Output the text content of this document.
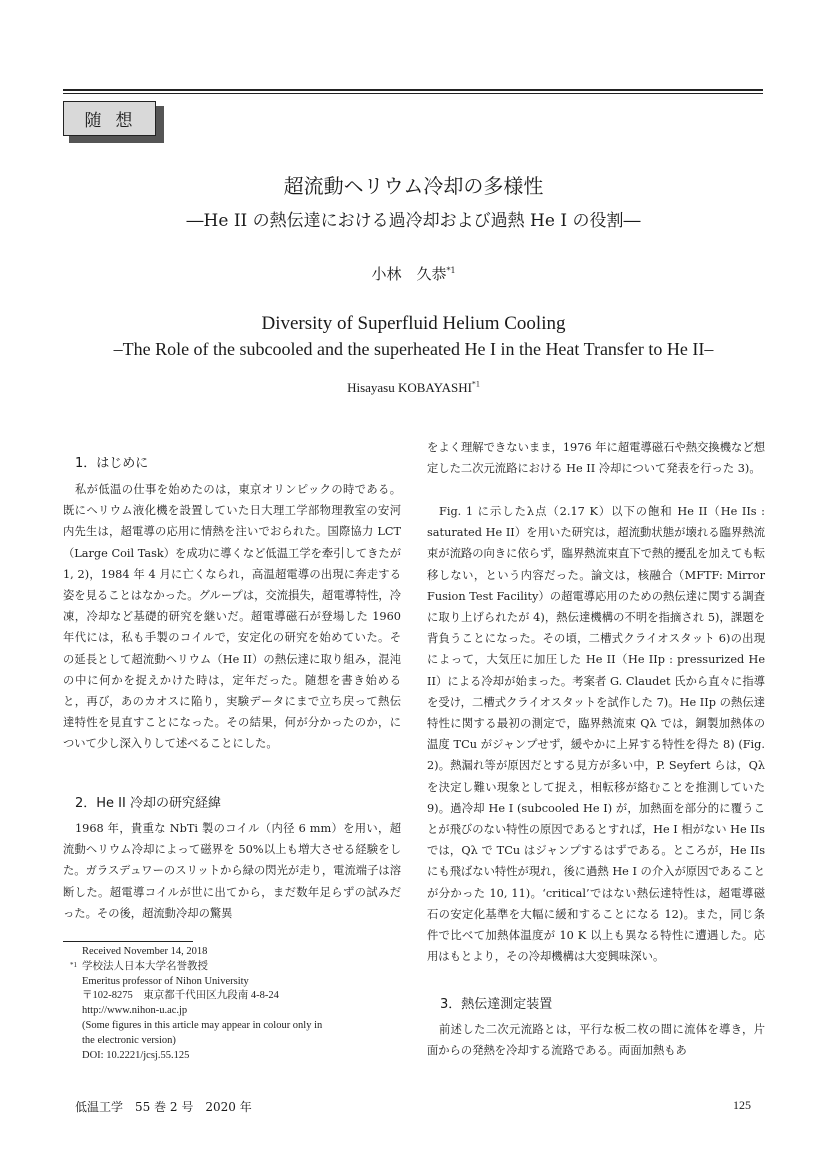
随想
超流動ヘリウム冷却の多様性
―He II の熱伝達における過冷却および過熱 He I の役割―
小林　久恭$^{*1}$
Diversity of Superfluid Helium Cooling
–The Role of the subcooled and the superheated He I in the Heat Transfer to He II–
Hisayasu KOBAYASHI$^{*1}$
1．はじめに
私が低温の仕事を始めたのは，東京オリンピックの時である。既にヘリウム液化機を設置していた日大理工学部物理教室の安河内先生は，超電導の応用に情熱を注いでおられた。国際協力 LCT（Large Coil Task）を成功に導くなど低温工学を牽引してきたが 1, 2)，1984 年 4 月に亡くなられ，高温超電導の出現に奔走する姿を見ることはなかった。グループは，交流損失，超電導特性，冷凍，冷却など基礎的研究を継いだ。超電導磁石が登場した 1960 年代には，私も手製のコイルで，安定化の研究を始めていた。その延長として超流動ヘリウム（He II）の熱伝達に取り組み，混沌の中に何かを捉えかけた時は，定年だった。随想を書き始めると，再び，あのカオスに陥り，実験データにまで立ち戻って熱伝達特性を見直すことになった。その結果，何が分かったのか，について少し深入りして述べることにした。
2．He II 冷却の研究経緯
1968 年，貴重な NbTi 製のコイル（内径 6 mm）を用い，超流動ヘリウム冷却によって磁界を 50%以上も増大させる経験をした。ガラスデュワーのスリットから緑の閃光が走り，電流端子は溶断した。超電導コイルが世に出てから，まだ数年足らずの試みだった。その後，超流動冷却の驚異
Received November 14, 2018
*1 学校法人日本大学名誉教授
Emeritus professor of Nihon University
〒102-8275　東京都千代田区九段南 4-8-24
http://www.nihon-u.ac.jp
(Some figures in this article may appear in colour only in
the electronic version)
DOI: 10.2221/jcsj.55.125
をよく理解できないまま，1976 年に超電導磁石や熱交換機など想定した二次元流路における He II 冷却について発表を行った 3)。
Fig. 1 に示したλ点（2.17 K）以下の飽和 He II（He IIs : saturated He II）を用いた研究は，超流動状態が壊れる臨界熱流束が流路の向きに依らず，臨界熱流束直下で熱的擾乱を加えても転移しない，という内容だった。論文は，核融合（MFTF: Mirror Fusion Test Facility）の超電導応用のための熱伝達に関する調査に取り上げられたが 4)，熱伝達機構の不明を指摘され 5)，課題を背負うことになった。その頃，二槽式クライオスタット 6)の出現によって，大気圧に加圧した He II（He IIp : pressurized He II）による冷却が始まった。考案者 G. Claudet 氏から直々に指導を受け，二槽式クライオスタットを試作した 7)。He IIp の熱伝達特性に関する最初の測定で，臨界熱流束 Qλ では，銅製加熱体の温度 TCu がジャンプせず，緩やかに上昇する特性を得た 8) (Fig. 2)。熱漏れ等が原因だとする見方が多い中，P. Seyfert らは，Qλ を決定し難い現象として捉え，相転移が絡むことを推測していた 9)。過冷却 He I (subcooled He I) が，加熱面を部分的に覆うことが飛びのない特性の原因であるとすれば，He I 相がない He IIs では，Qλ で TCu はジャンプするはずである。ところが，He IIs にも飛ばない特性が現れ，後に過熱 He I の介入が原因であることが分かった 10, 11)。‘critical’ではない熱伝達特性は，超電導磁石の安定化基準を大幅に緩和することになる 12)。また，同じ条件で比べて加熱体温度が 10 K 以上も異なる特性に遭遇した。応用はもとより，その冷却機構は大変興味深い。
3．熱伝達測定装置
前述した二次元流路とは，平行な板二枚の間に流体を導き，片面からの発熱を冷却する流路である。両面加熱もあ
低温工学　55 巻 2 号　2020 年	125
